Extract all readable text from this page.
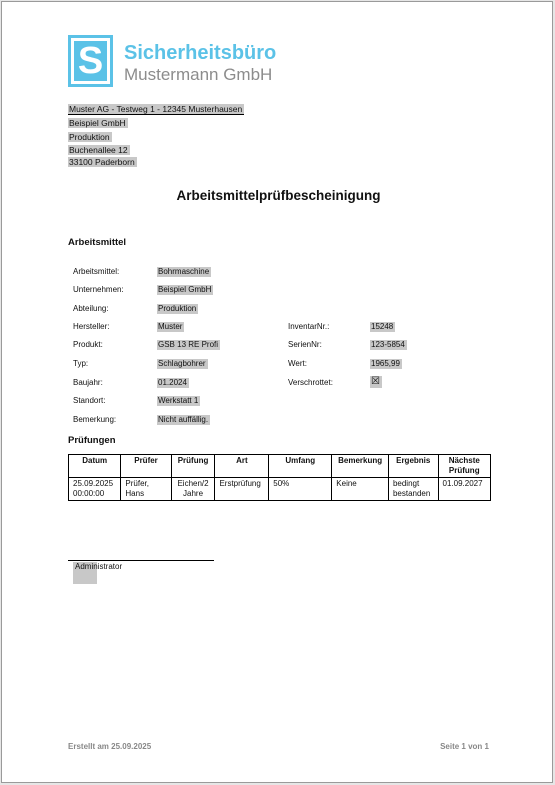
S Sicherheitsbüro
Mustermann GmbH
Muster AG - Testweg 1 - 12345 Musterhausen
Beispiel GmbH
Produktion
Buchenallee 12
33100 Paderborn
Arbeitsmittelprüfbescheinigung
Arbeitsmittel
Arbeitsmittel:	Bohrmaschine
Unternehmen:	Beispiel GmbH
Abteilung:	Produktion
Hersteller:	Muster
Produkt:	GSB 13 RE Profi
Typ:	Schlagbohrer
Baujahr:	01.2024
Standort:	Werkstatt 1
Bemerkung:	Nicht auffällig.
InventarNr.:	15248
SerienNr:	123-5854
Wert:	1965,99
Verschrottet:	☒
Prüfungen
Datum	Prüfer	Prüfung	Art	Umfang	Bemerkung	Ergebnis	Nächste Prüfung
25.09.2025 00:00:00	Prüfer, Hans	Eichen/2 Jahre	Erstprüfung	50%	Keine	bedingt bestanden	01.09.2027
Administrator
Erstellt am 25.09.2025	Seite 1 von 1
